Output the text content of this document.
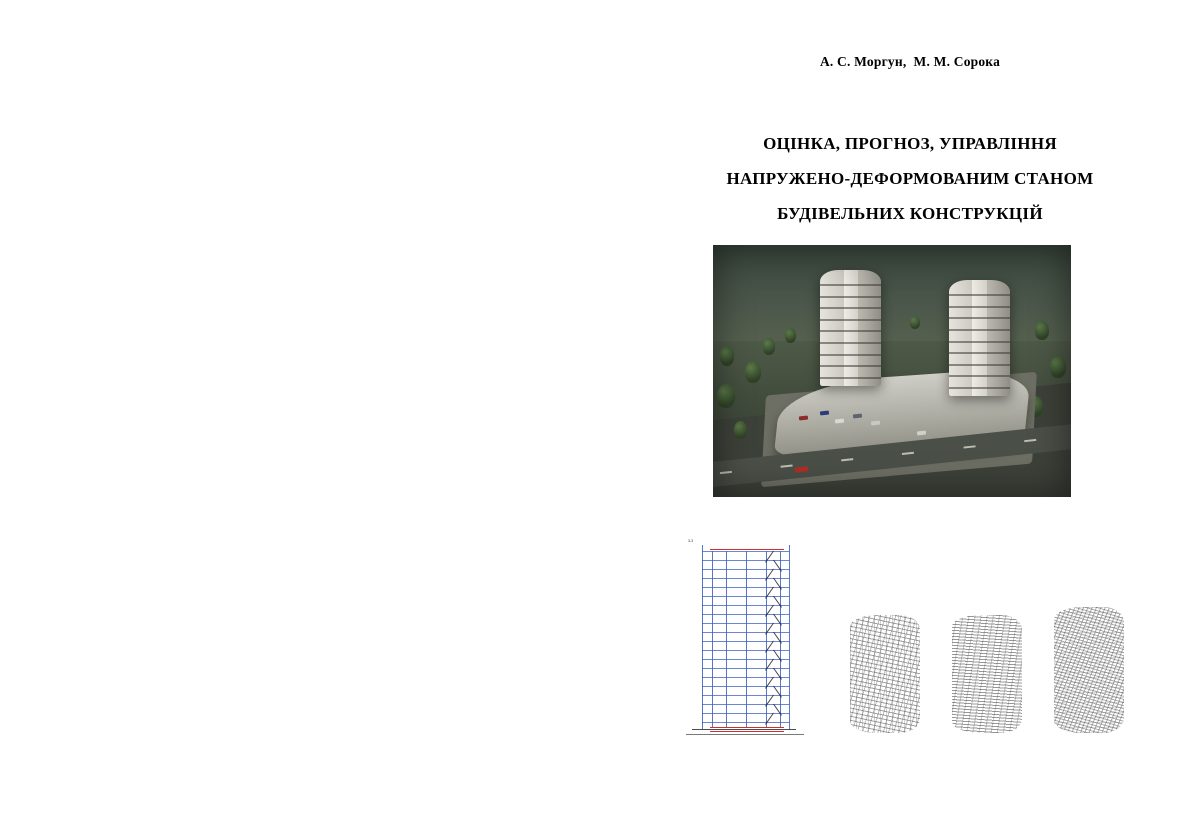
А. С. Моргун,  М. М. Сорока
ОЦІНКА, ПРОГНОЗ, УПРАВЛІННЯ
НАПРУЖЕНО-ДЕФОРМОВАНИМ СТАНОМ
БУДІВЕЛЬНИХ КОНСТРУКЦІЙ
3-3
